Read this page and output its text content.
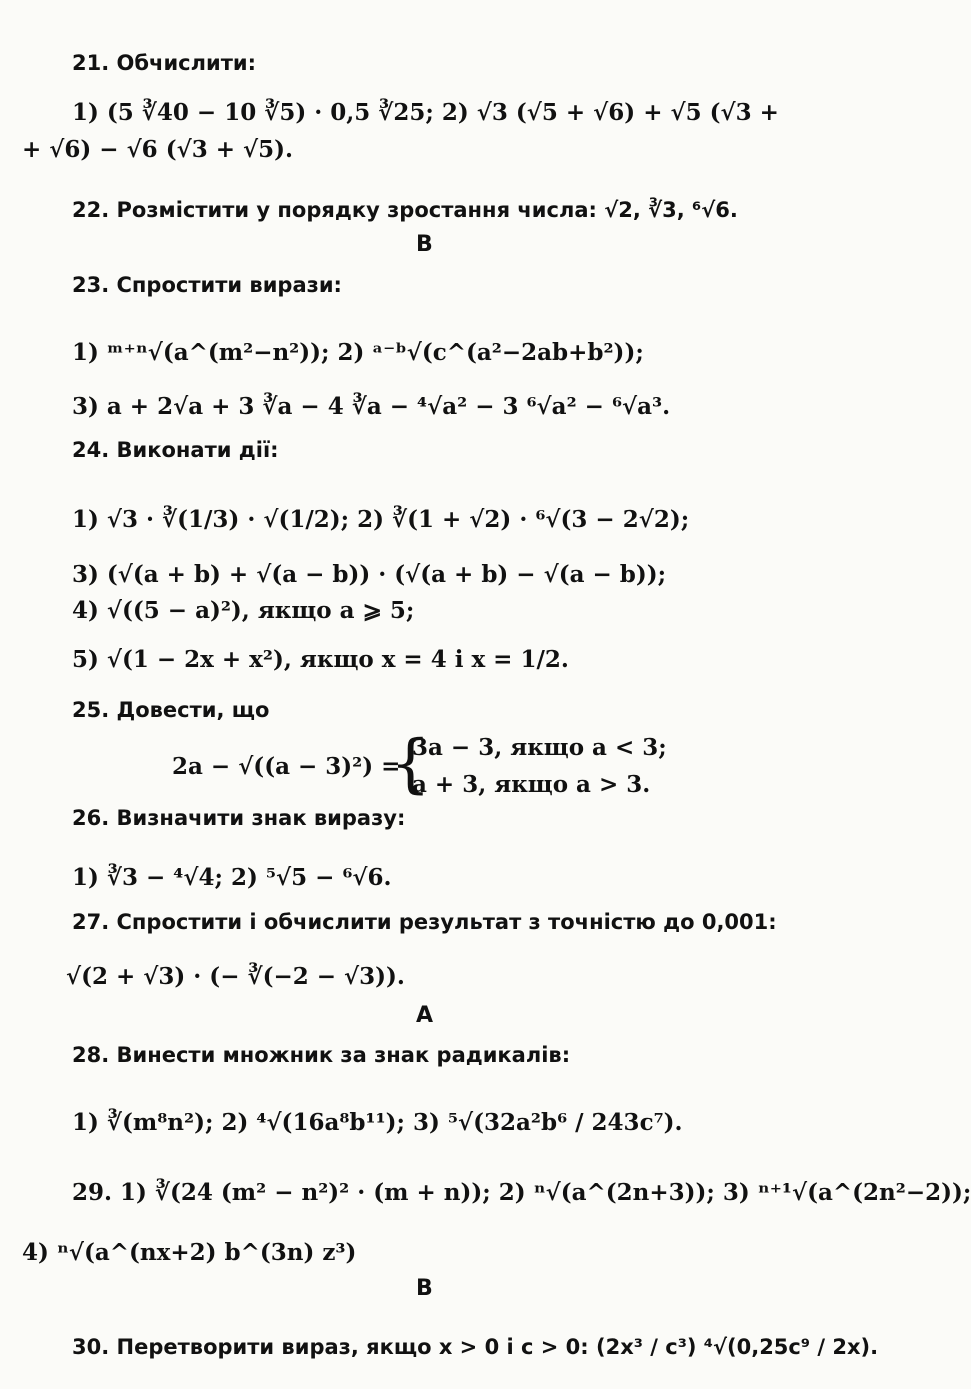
21. Обчислити:
1) (5 ∛40 − 10 ∛5) · 0,5 ∛25; 2) √3 (√5 + √6) + √5 (√3 +
+ √6) − √6 (√3 + √5).
22. Розмістити у порядку зростання числа: √2, ∛3, ⁶√6.
В
23. Спростити вирази:
1) ᵐ⁺ⁿ√(a^(m²−n²)); 2) ᵃ⁻ᵇ√(c^(a²−2ab+b²));
3) a + 2√a + 3 ∛a − 4 ∛a − ⁴√a² − 3 ⁶√a² − ⁶√a³.
24. Виконати дії:
1) √3 · ∛(1/3) · √(1/2); 2) ∛(1 + √2) · ⁶√(3 − 2√2);
3) (√(a + b) + √(a − b)) · (√(a + b) − √(a − b));
4) √((5 − a)²), якщо a ⩾ 5;
5) √(1 − 2x + x²), якщо x = 4 і x = 1/2.
25. Довести, що
2a − √((a − 3)²) =
{
3a − 3, якщо a < 3;
a + 3, якщо a > 3.
26. Визначити знак виразу:
1) ∛3 − ⁴√4; 2) ⁵√5 − ⁶√6.
27. Спростити і обчислити результат з точністю до 0,001:
√(2 + √3) · (− ∛(−2 − √3)).
А
28. Винести множник за знак радикалів:
1) ∛(m⁸n²); 2) ⁴√(16a⁸b¹¹); 3) ⁵√(32a²b⁶ / 243c⁷).
29. 1) ∛(24 (m² − n²)² · (m + n)); 2) ⁿ√(a^(2n+3)); 3) ⁿ⁺¹√(a^(2n²−2));
4) ⁿ√(a^(nx+2) b^(3n) z³)
В
30. Перетворити вираз, якщо x > 0 і c > 0: (2x³ / c³) ⁴√(0,25c⁹ / 2x).
